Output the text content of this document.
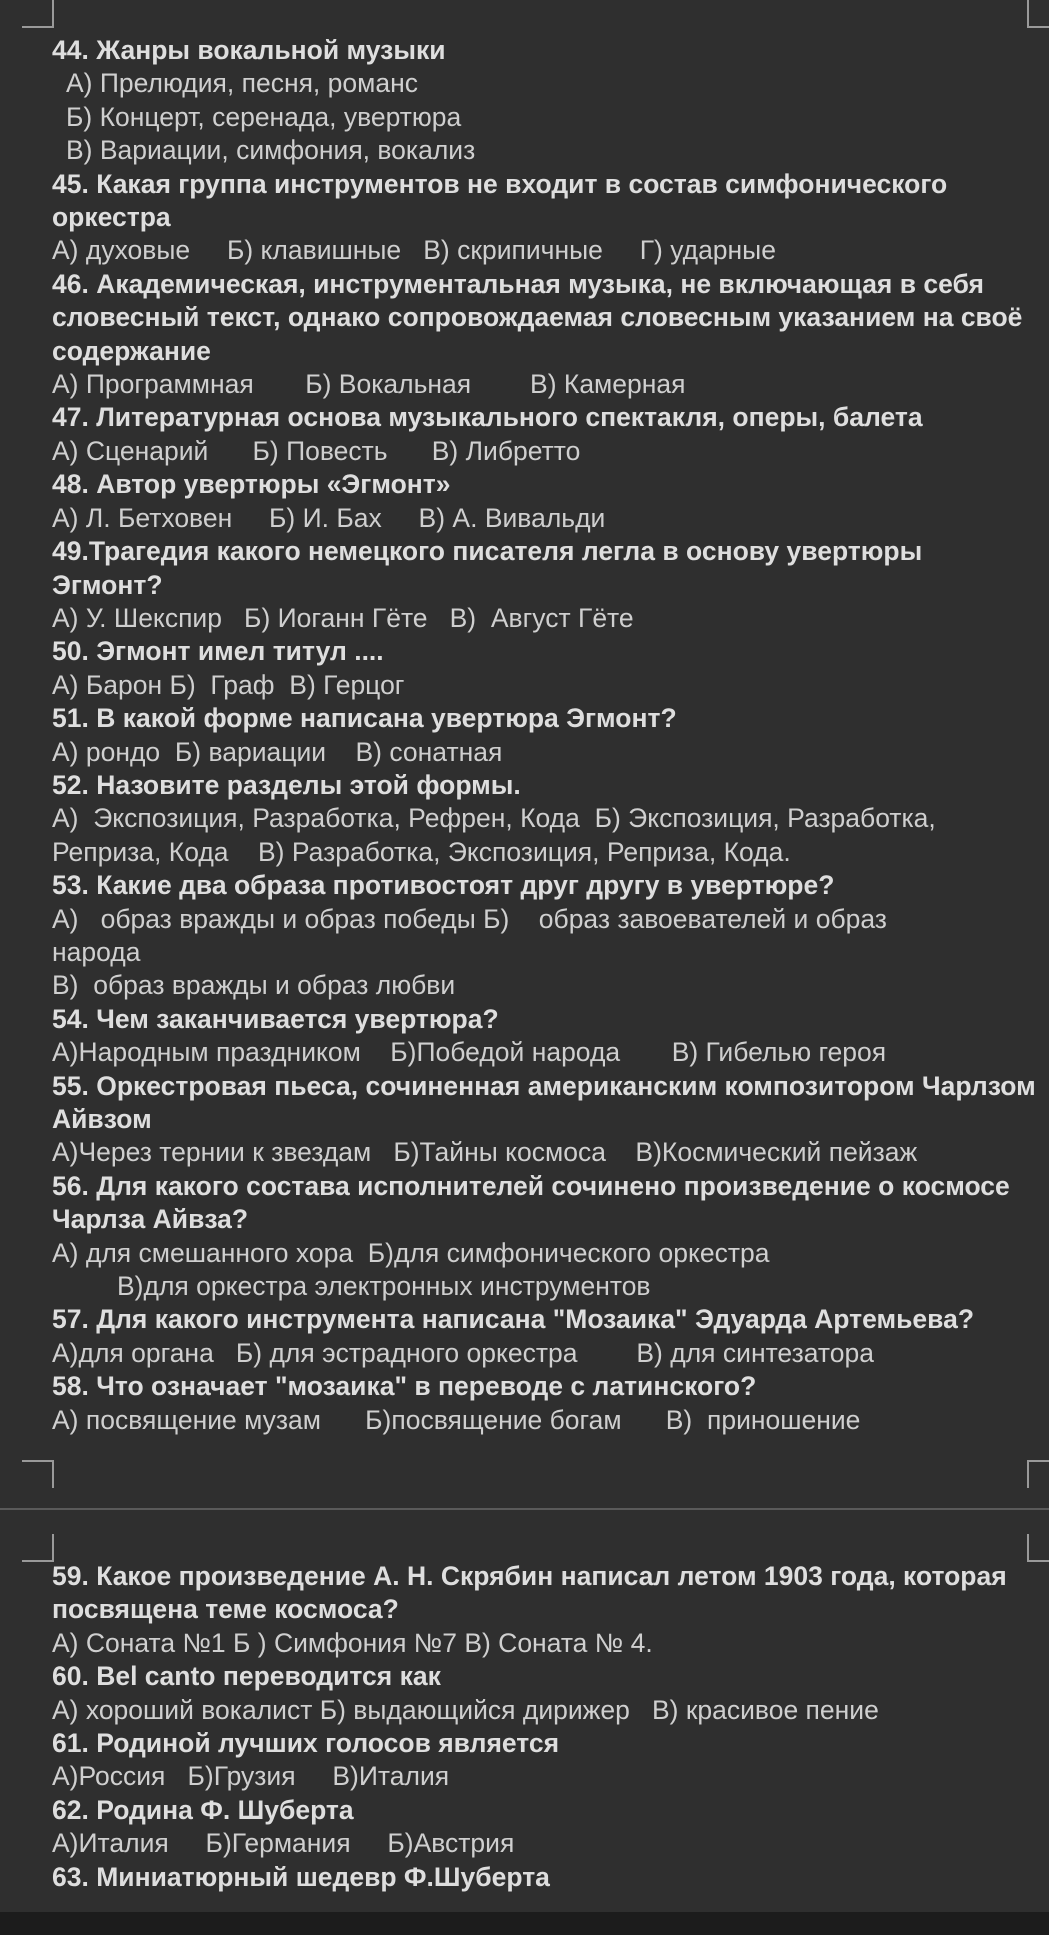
44. Жанры вокальной музыки
А) Прелюдия, песня, романс
Б) Концерт, серенада, увертюра
В) Вариации, симфония, вокализ
45. Какая группа инструментов не входит в состав симфонического оркестра
А) духовые     Б) клавишные   В) скрипичные     Г) ударные
46. Академическая, инструментальная музыка, не включающая в себя словесный текст, однако сопровождаемая словесным указанием на своё содержание
А) Программная       Б) Вокальная        В) Камерная
47. Литературная основа музыкального спектакля, оперы, балета
А) Сценарий      Б) Повесть      В) Либретто
48. Автор увертюры «Эгмонт»
А) Л. Бетховен     Б) И. Бах     В) А. Вивальди
49.Трагедия какого немецкого писателя легла в основу увертюры Эгмонт?
А) У. Шекспир   Б) Иоганн Гёте   В)  Август Гёте
50. Эгмонт имел титул ....
А) Барон Б)  Граф  В) Герцог
51. В какой форме написана увертюра Эгмонт?
А) рондо  Б) вариации    В) сонатная
52. Назовите разделы этой формы.
А)  Экспозиция, Разработка, Рефрен, Кода  Б) Экспозиция, Разработка,
Реприза, Кода    В) Разработка, Экспозиция, Реприза, Кода.
53. Какие два образа противостоят друг другу в увертюре?
А)   образ вражды и образ победы Б)    образ завоевателей и образ
народа
В)  образ вражды и образ любви
54. Чем заканчивается увертюра?
А)Народным праздником    Б)Победой народа       В) Гибелью героя
55. Оркестровая пьеса, сочиненная американским композитором Чарлзом Айвзом
А)Через тернии к звездам   Б)Тайны космоса    В)Космический пейзаж
56. Для какого состава исполнителей сочинено произведение о космосе Чарлза Айвза?
А) для смешанного хора  Б)для симфонического оркестра
В)для оркестра электронных инструментов
57. Для какого инструмента написана "Мозаика" Эдуарда Артемьева?
А)для органа   Б) для эстрадного оркестра        В) для синтезатора
58. Что означает "мозаика" в переводе с латинского?
А) посвящение музам      Б)посвящение богам      В)  приношение
59. Какое произведение А. Н. Скрябин написал летом 1903 года, которая посвящена теме космоса?
А) Соната №1 Б ) Симфония №7 В) Соната № 4.
60. Bel canto переводится как
А) хороший вокалист Б) выдающийся дирижер   В) красивое пение
61. Родиной лучших голосов является
А)Россия   Б)Грузия     В)Италия
62. Родина Ф. Шуберта
А)Италия     Б)Германия     Б)Австрия
63. Миниатюрный шедевр Ф.Шуберта
